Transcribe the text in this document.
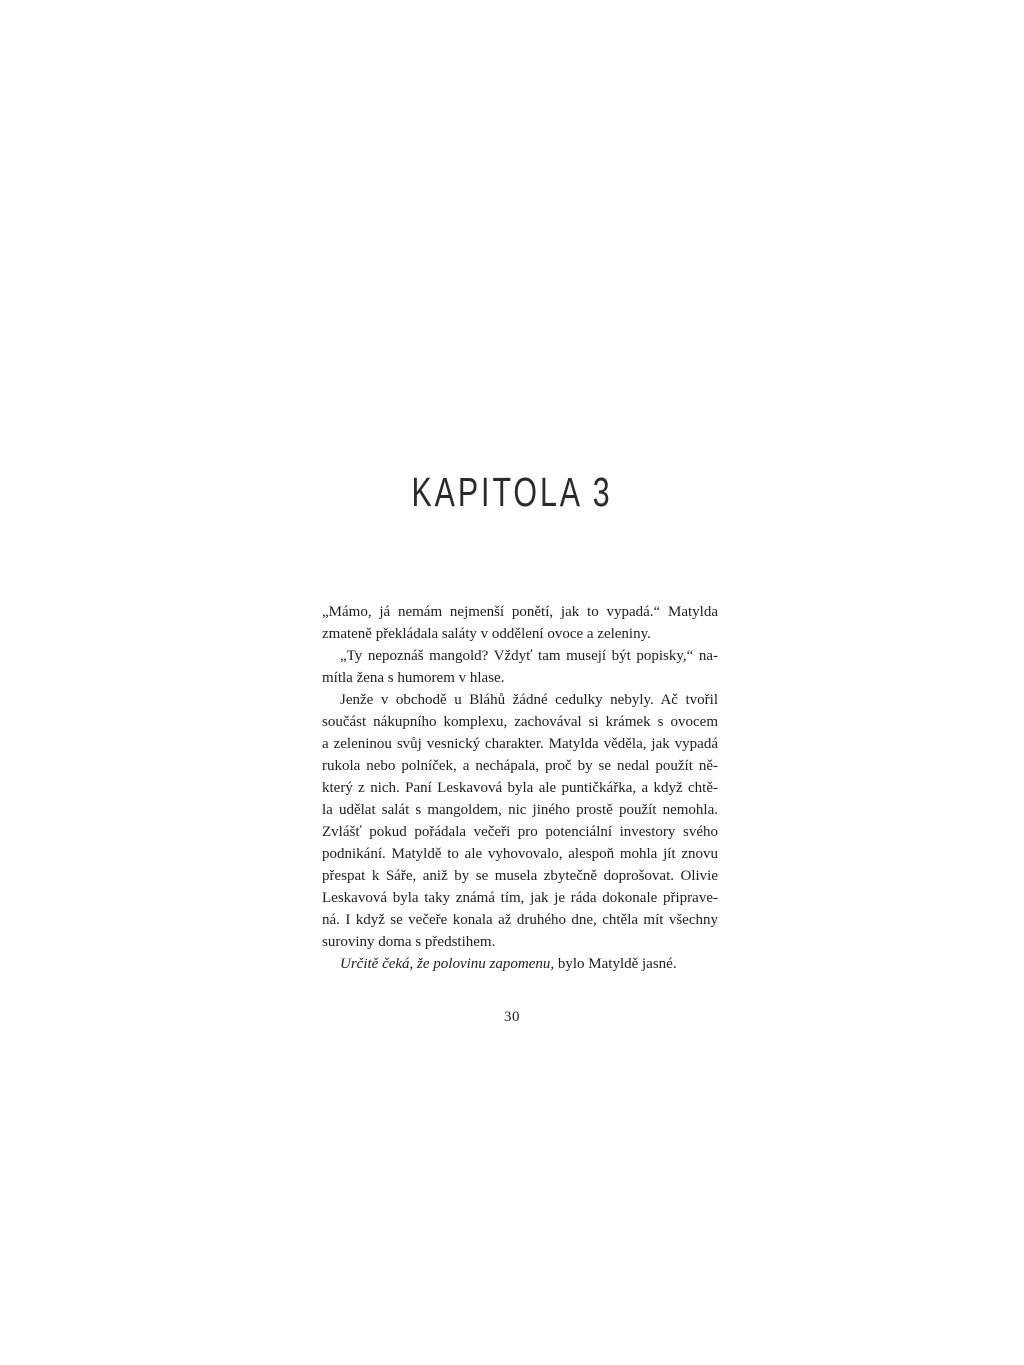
KAPITOLA 3
„Mámo, já nemám nejmenší ponětí, jak to vypadá.“ Matylda
zmateně překládala saláty v oddělení ovoce a zeleniny.
„Ty nepoznáš mangold? Vždyť tam musejí být popisky,“ na-
mítla žena s humorem v hlase.
Jenže v obchodě u Bláhů žádné cedulky nebyly. Ač tvořil
součást nákupního komplexu, zachovával si krámek s ovocem
a zeleninou svůj vesnický charakter. Matylda věděla, jak vypadá
rukola nebo polníček, a nechápala, proč by se nedal použít ně-
který z nich. Paní Leskavová byla ale puntičkářka, a když chtě-
la udělat salát s mangoldem, nic jiného prostě použít nemohla.
Zvlášť pokud pořádala večeři pro potenciální investory svého
podnikání. Matyldě to ale vyhovovalo, alespoň mohla jít znovu
přespat k Sáře, aniž by se musela zbytečně doprošovat. Olivie
Leskavová byla taky známá tím, jak je ráda dokonale připrave-
ná. I když se večeře konala až druhého dne, chtěla mít všechny
suroviny doma s předstihem.
Určitě čeká, že polovinu zapomenu, bylo Matyldě jasné.
30
